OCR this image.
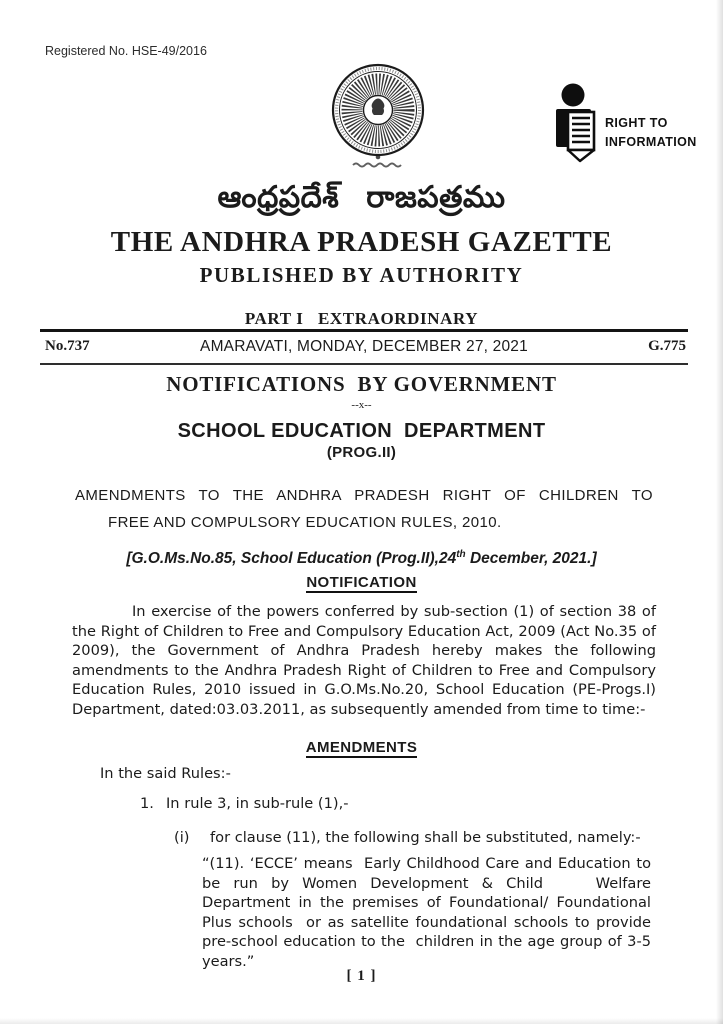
Registered No. HSE-49/2016
RIGHT TO
INFORMATION
ఆంధ్రప్రదేశ్ రాజపత్రము
THE ANDHRA PRADESH GAZETTE
PUBLISHED BY AUTHORITY
PART I   EXTRAORDINARY
No.737	AMARAVATI, MONDAY, DECEMBER 27, 2021	G.775
NOTIFICATIONS  BY GOVERNMENT
--x--
SCHOOL EDUCATION  DEPARTMENT
(PROG.II)
AMENDMENTS TO THE ANDHRA PRADESH RIGHT OF CHILDREN TO
FREE AND COMPULSORY EDUCATION RULES, 2010.
[G.O.Ms.No.85, School Education (Prog.II),24th December, 2021.]
NOTIFICATION
In exercise of the powers conferred by sub-section (1) of section 38 of the Right of Children to Free and Compulsory Education Act, 2009 (Act No.35 of 2009), the Government of Andhra Pradesh hereby makes the following amendments to the Andhra Pradesh Right of Children to Free and Compulsory Education Rules, 2010 issued in G.O.Ms.No.20, School Education (PE-Progs.I) Department, dated:03.03.2011, as subsequently amended from time to time:-
AMENDMENTS
In the said Rules:-
1. In rule 3, in sub-rule (1),-
(i) for clause (11), the following shall be substituted, namely:-
“(11). ‘ECCE’ means  Early Childhood Care and Education to be run by Women Development & Child    Welfare Department in the premises of Foundational/ Foundational Plus schools  or as satellite foundational schools to provide pre-school education to the  children in the age group of 3-5 years.”
[ 1 ]
